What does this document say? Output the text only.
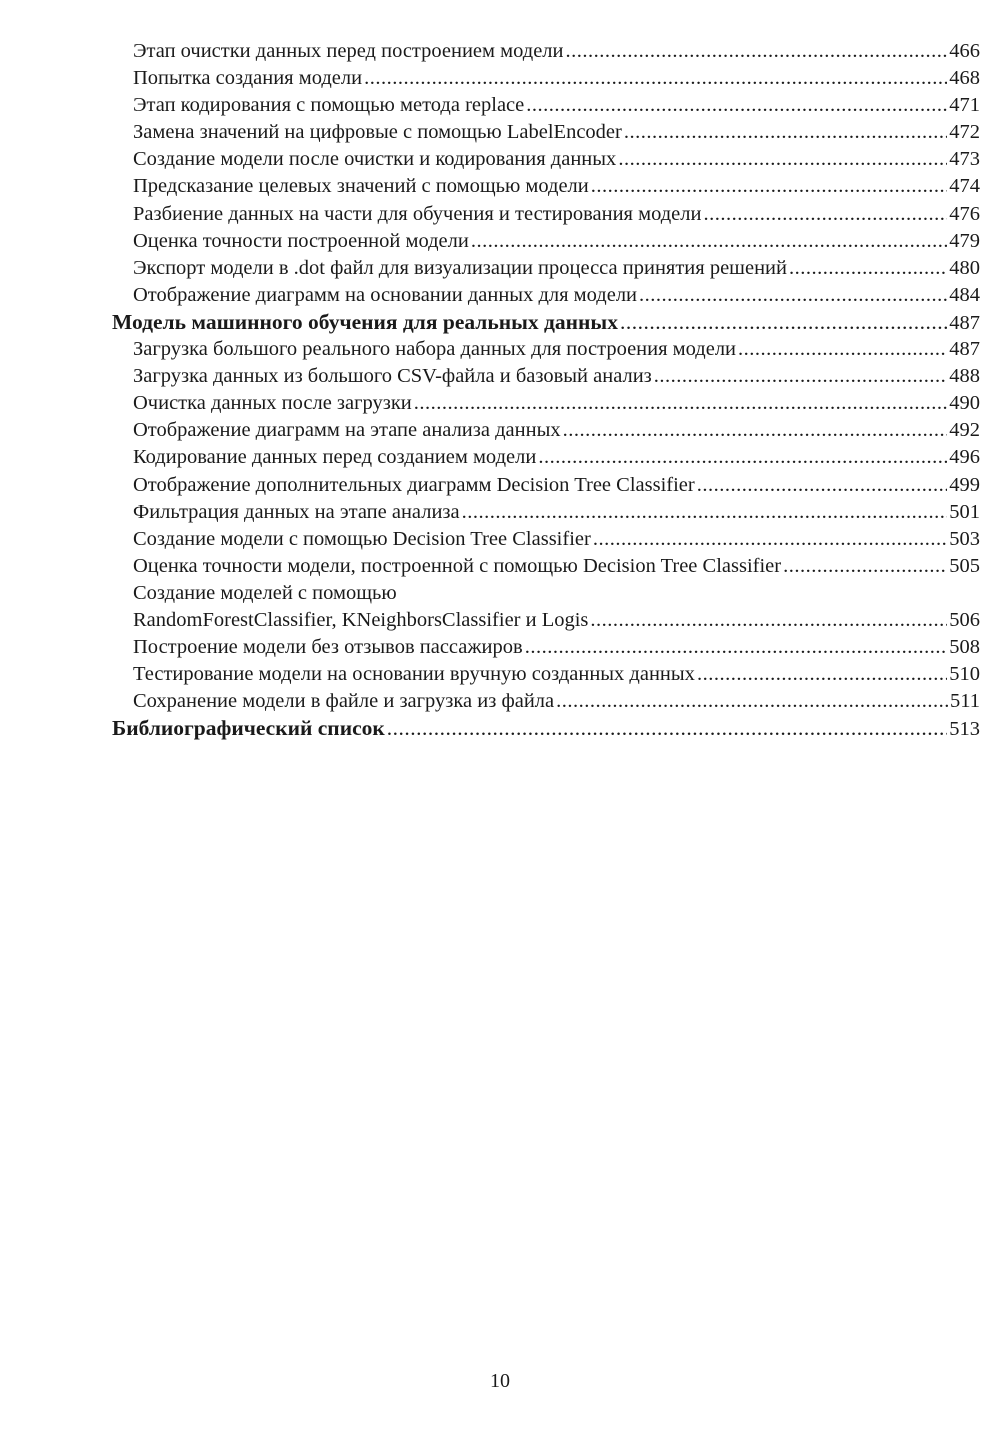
Этап очистки данных перед построением модели .....	466
Попытка создания модели .....	468
Этап кодирования с помощью метода replace .....	471
Замена значений на цифровые с помощью LabelEncoder .....	472
Создание модели после очистки и кодирования данных .....	473
Предсказание целевых значений с помощью модели .....	474
Разбиение данных на части для обучения и тестирования модели .....	476
Оценка точности построенной модели .....	479
Экспорт модели в .dot файл для визуализации процесса принятия решений .....	480
Отображение диаграмм на основании данных для модели .....	484
Модель машинного обучения для реальных данных .....	487
Загрузка большого реального набора данных для построения модели .....	487
Загрузка данных из большого CSV-файла и базовый анализ .....	488
Очистка данных после загрузки .....	490
Отображение диаграмм на этапе анализа данных .....	492
Кодирование данных перед созданием модели .....	496
Отображение дополнительных диаграмм Decision Tree Classifier .....	499
Фильтрация данных на этапе анализа .....	501
Создание модели с помощью Decision Tree Classifier .....	503
Оценка точности модели, построенной с помощью Decision Tree Classifier .....	505
Создание моделей с помощью
RandomForestClassifier, KNeighborsClassifier и Logis .....	506
Построение модели без отзывов пассажиров .....	508
Тестирование модели на основании вручную созданных данных .....	510
Сохранение модели в файле и загрузка из файла .....	511
Библиографический список .....	513
10
